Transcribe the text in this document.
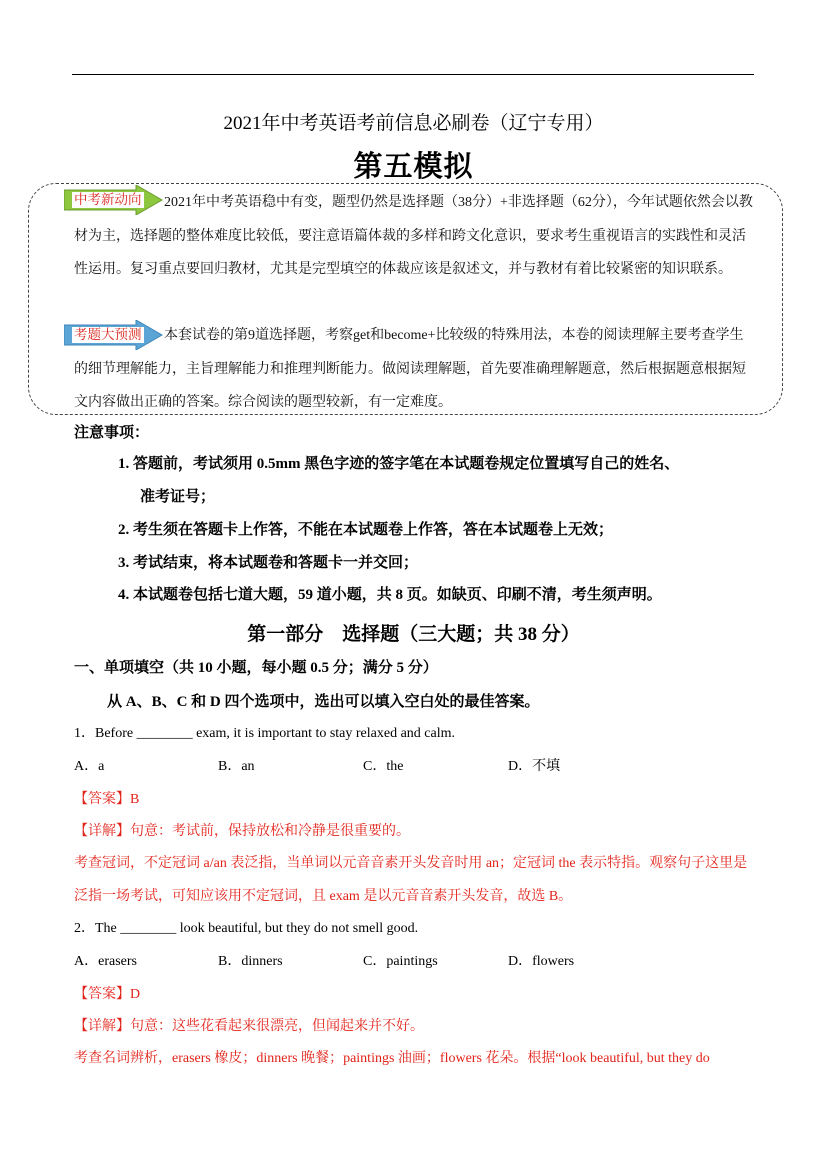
2021年中考英语考前信息必刷卷（辽宁专用）
第五模拟
2021年中考英语稳中有变，题型仍然是选择题（38分）+非选择题（62分），今年试题依然会以教材为主，选择题的整体难度比较低，要注意语篇体裁的多样和跨文化意识，要求考生重视语言的实践性和灵活性运用。复习重点要回归教材，尤其是完型填空的体裁应该是叙述文，并与教材有着比较紧密的知识联系。
中考新动向
本套试卷的第9道选择题，考察get和become+比较级的特殊用法，本卷的阅读理解主要考查学生的细节理解能力，主旨理解能力和推理判断能力。做阅读理解题，首先要准确理解题意，然后根据题意根据短文内容做出正确的答案。综合阅读的题型较新，有一定难度。
考题大预测
注意事项：
1. 答题前，考试须用 0.5mm 黑色字迹的签字笔在本试题卷规定位置填写自己的姓名、
准考证号；
2. 考生须在答题卡上作答，不能在本试题卷上作答，答在本试题卷上无效；
3. 考试结束，将本试题卷和答题卡一并交回；
4. 本试题卷包括七道大题，59 道小题，共 8 页。如缺页、印刷不清，考生须声明。
第一部分　选择题（三大题；共 38 分）
一、单项填空（共 10 小题，每小题 0.5 分；满分 5 分）
从 A、B、C 和 D 四个选项中，选出可以填入空白处的最佳答案。
1．Before ________ exam, it is important to stay relaxed and calm.
A．a	B．an	C．the	D．不填
【答案】B
【详解】句意：考试前，保持放松和冷静是很重要的。
考查冠词，不定冠词 a/an 表泛指，当单词以元音音素开头发音时用 an；定冠词 the 表示特指。观察句子这里是泛指一场考试，可知应该用不定冠词，且 exam 是以元音音素开头发音，故选 B。
2．The ________ look beautiful, but they do not smell good.
A．erasers	B．dinners	C．paintings	D．flowers
【答案】D
【详解】句意：这些花看起来很漂亮，但闻起来并不好。
考查名词辨析，erasers 橡皮；dinners 晚餐；paintings 油画；flowers 花朵。根据“look beautiful, but they do
